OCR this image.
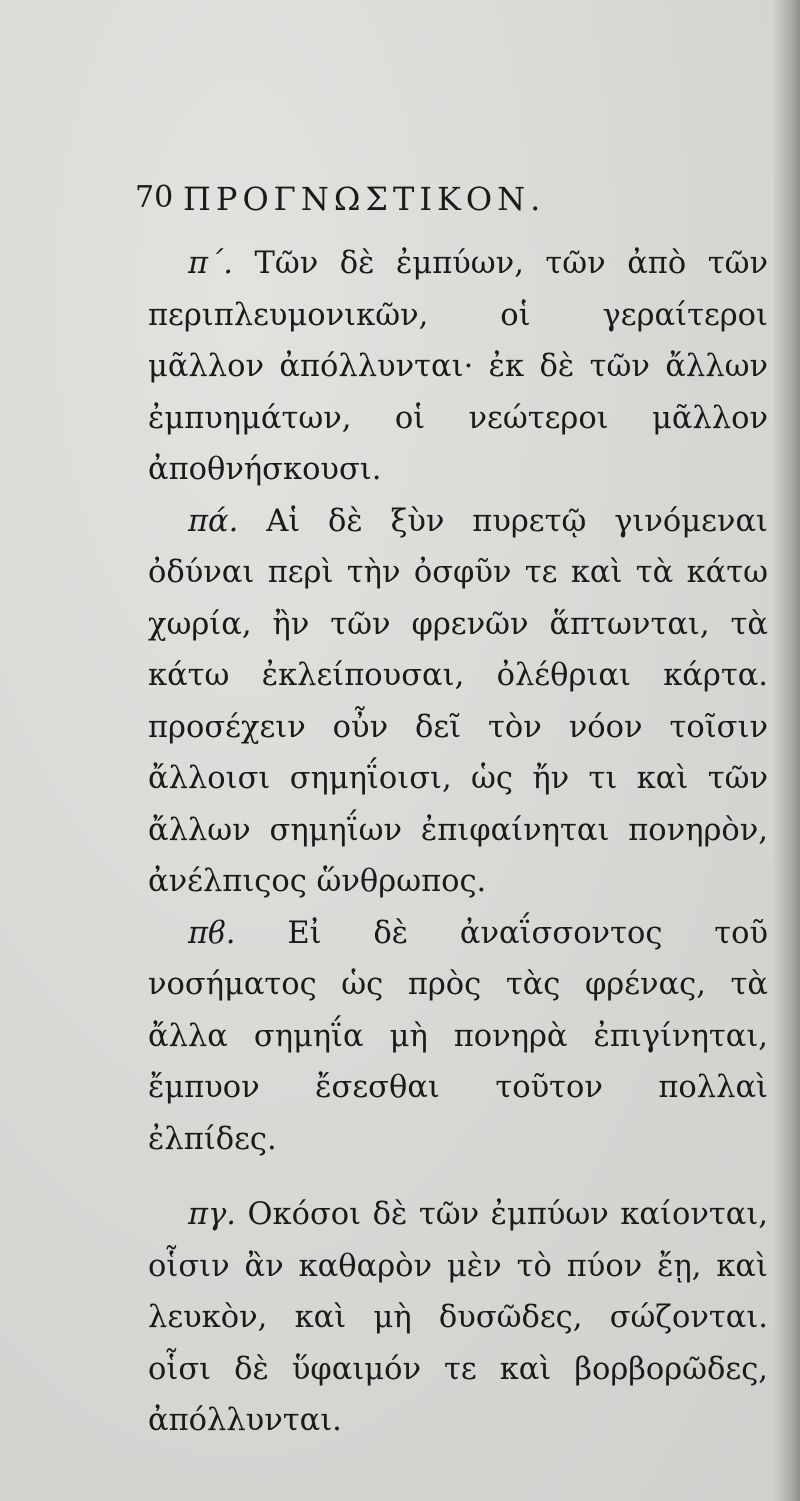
70 ΠΡΟΓΝΩΣΤΙΚΟΝ.

π΄. Τῶν δὲ ἐμπύων, τῶν ἀπὸ τῶν περιπλευμονικῶν, οἱ γεραίτεροι μᾶλλον ἀπόλλυνται· ἐκ δὲ τῶν ἄλλων ἐμπυημάτων, οἱ νεώτεροι μᾶλλον ἀποθνήσκουσι.

πά. Αἱ δὲ ξὺν πυρετῷ γινόμεναι ὀδύναι περὶ τὴν ὀσφῦν τε καὶ τὰ κάτω χωρία, ἢν τῶν φρενῶν ἅπτωνται, τὰ κάτω ἐκλείπουσαι, ὀλέθριαι κάρτα. προσέχειν οὖν δεῖ τὸν νόον τοῖσιν ἄλλοισι σημηΐοισι, ὡς ἤν τι καὶ τῶν ἄλλων σημηΐων ἐπιφαίνηται πονηρὸν, ἀνέλπιςος ὥνθρωπος.

πϐ. Εἰ δὲ ἀναΐσσοντος τοῦ νοσήματος ὡς πρὸς τὰς φρένας, τὰ ἄλλα σημηΐα μὴ πονηρὰ ἐπιγίνηται, ἔμπυον ἔσεσθαι τοῦτον πολλαὶ ἐλπίδες.

πγ. Οκόσοι δὲ τῶν ἐμπύων καίονται, οἷσιν ἂν καθαρὸν μὲν τὸ πύον ἔῃ, καὶ λευκὸν, καὶ μὴ δυσῶδες, σώζονται. οἷσι δὲ ὕφαιμόν τε καὶ βορβορῶδες, ἀπόλλυνται.
